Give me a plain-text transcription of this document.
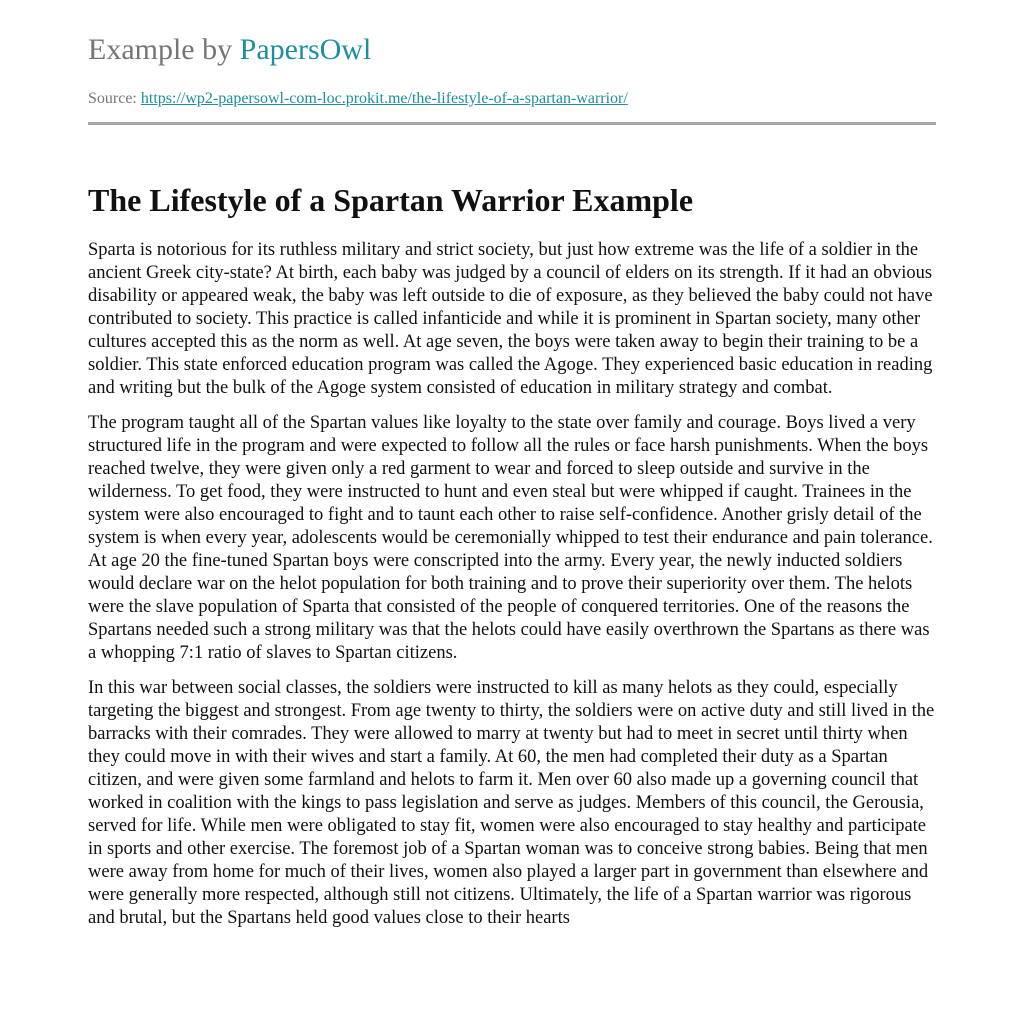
Example by PapersOwl
Source: https://wp2-papersowl-com-loc.prokit.me/the-lifestyle-of-a-spartan-warrior/
The Lifestyle of a Spartan Warrior Example

Sparta is notorious for its ruthless military and strict society, but just how extreme was the life of a soldier in the ancient Greek city-state? At birth, each baby was judged by a council of elders on its strength. If it had an obvious disability or appeared weak, the baby was left outside to die of exposure, as they believed the baby could not have contributed to society. This practice is called infanticide and while it is prominent in Spartan society, many other cultures accepted this as the norm as well. At age seven, the boys were taken away to begin their training to be a soldier. This state enforced education program was called the Agoge. They experienced basic education in reading and writing but the bulk of the Agoge system consisted of education in military strategy and combat.

The program taught all of the Spartan values like loyalty to the state over family and courage. Boys lived a very structured life in the program and were expected to follow all the rules or face harsh punishments. When the boys reached twelve, they were given only a red garment to wear and forced to sleep outside and survive in the wilderness. To get food, they were instructed to hunt and even steal but were whipped if caught. Trainees in the system were also encouraged to fight and to taunt each other to raise self-confidence. Another grisly detail of the system is when every year, adolescents would be ceremonially whipped to test their endurance and pain tolerance. At age 20 the fine-tuned Spartan boys were conscripted into the army. Every year, the newly inducted soldiers would declare war on the helot population for both training and to prove their superiority over them. The helots were the slave population of Sparta that consisted of the people of conquered territories. One of the reasons the Spartans needed such a strong military was that the helots could have easily overthrown the Spartans as there was a whopping 7:1 ratio of slaves to Spartan citizens.

In this war between social classes, the soldiers were instructed to kill as many helots as they could, especially targeting the biggest and strongest. From age twenty to thirty, the soldiers were on active duty and still lived in the barracks with their comrades. They were allowed to marry at twenty but had to meet in secret until thirty when they could move in with their wives and start a family. At 60, the men had completed their duty as a Spartan citizen, and were given some farmland and helots to farm it. Men over 60 also made up a governing council that worked in coalition with the kings to pass legislation and serve as judges. Members of this council, the Gerousia, served for life. While men were obligated to stay fit, women were also encouraged to stay healthy and participate in sports and other exercise. The foremost job of a Spartan woman was to conceive strong babies. Being that men were away from home for much of their lives, women also played a larger part in government than elsewhere and were generally more respected, although still not citizens. Ultimately, the life of a Spartan warrior was rigorous and brutal, but the Spartans held good values close to their hearts
